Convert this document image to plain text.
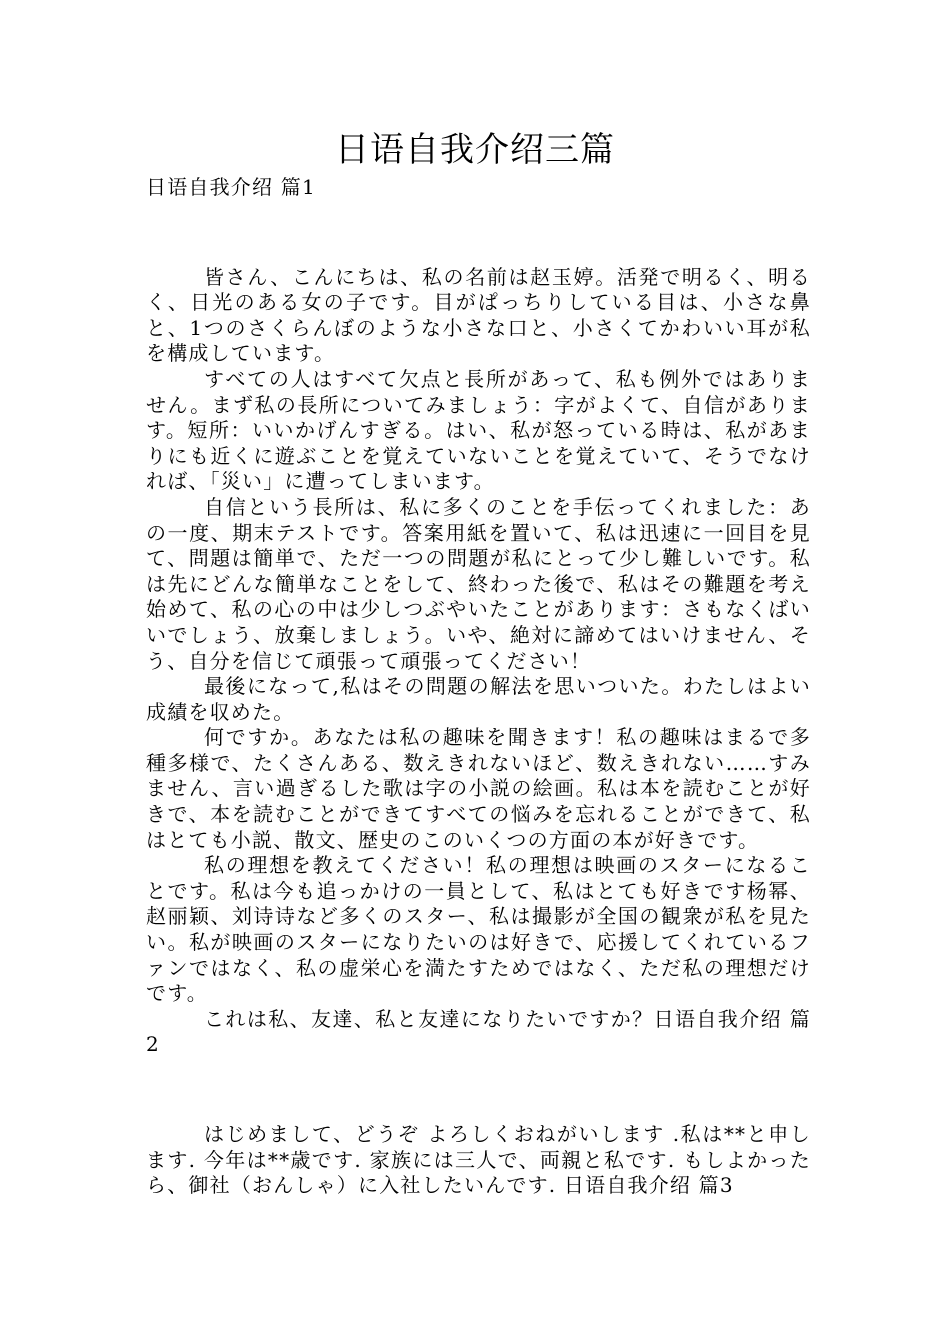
日语自我介绍三篇

日语自我介绍 篇1

皆さん、こんにちは、私の名前は赵玉婷。活発で明るく、明るく、日光のある女の子です。目がぱっちりしている目は、小さな鼻と、1つのさくらんぼのような小さな口と、小さくてかわいい耳が私を構成しています。

すべての人はすべて欠点と長所があって、私も例外ではありません。まず私の長所についてみましょう：字がよくて、自信があります。短所：いいかげんすぎる。はい、私が怒っている時は、私があまりにも近くに遊ぶことを覚えていないことを覚えていて、そうでなければ、「災い」に遭ってしまいます。

自信という長所は、私に多くのことを手伝ってくれました：あの一度、期末テストです。答案用紙を置いて、私は迅速に一回目を見て、問題は簡単で、ただ一つの問題が私にとって少し難しいです。私は先にどんな簡単なことをして、終わった後で、私はその難題を考え始めて、私の心の中は少しつぶやいたことがあります：さもなくばいいでしょう、放棄しましょう。いや、絶対に諦めてはいけません、そう、自分を信じて頑張って頑張ってください！

最後になって,私はその問題の解法を思いついた。わたしはよい成績を収めた。

何ですか。あなたは私の趣味を聞きます！私の趣味はまるで多種多様で、たくさんある、数えきれないほど、数えきれない……すみません、言い過ぎるした歌は字の小説の絵画。私は本を読むことが好きで、本を読むことができてすべての悩みを忘れることができて、私はとても小説、散文、歴史のこのいくつの方面の本が好きです。

私の理想を教えてください！私の理想は映画のスターになることです。私は今も追っかけの一員として、私はとても好きです杨幂、赵丽颖、刘诗诗など多くのスター、私は撮影が全国の観衆が私を見たい。私が映画のスターになりたいのは好きで、応援してくれているファンではなく、私の虚栄心を満たすためではなく、ただ私の理想だけです。

これは私、友達、私と友達になりたいですか？日语自我介绍 篇2

はじめまして、どうぞ よろしくおねがいします .私は**と申します. 今年は**歳です. 家族には三人で、両親と私です. もしよかったら、御社（おんしゃ）に入社したいんです. 日语自我介绍 篇3
